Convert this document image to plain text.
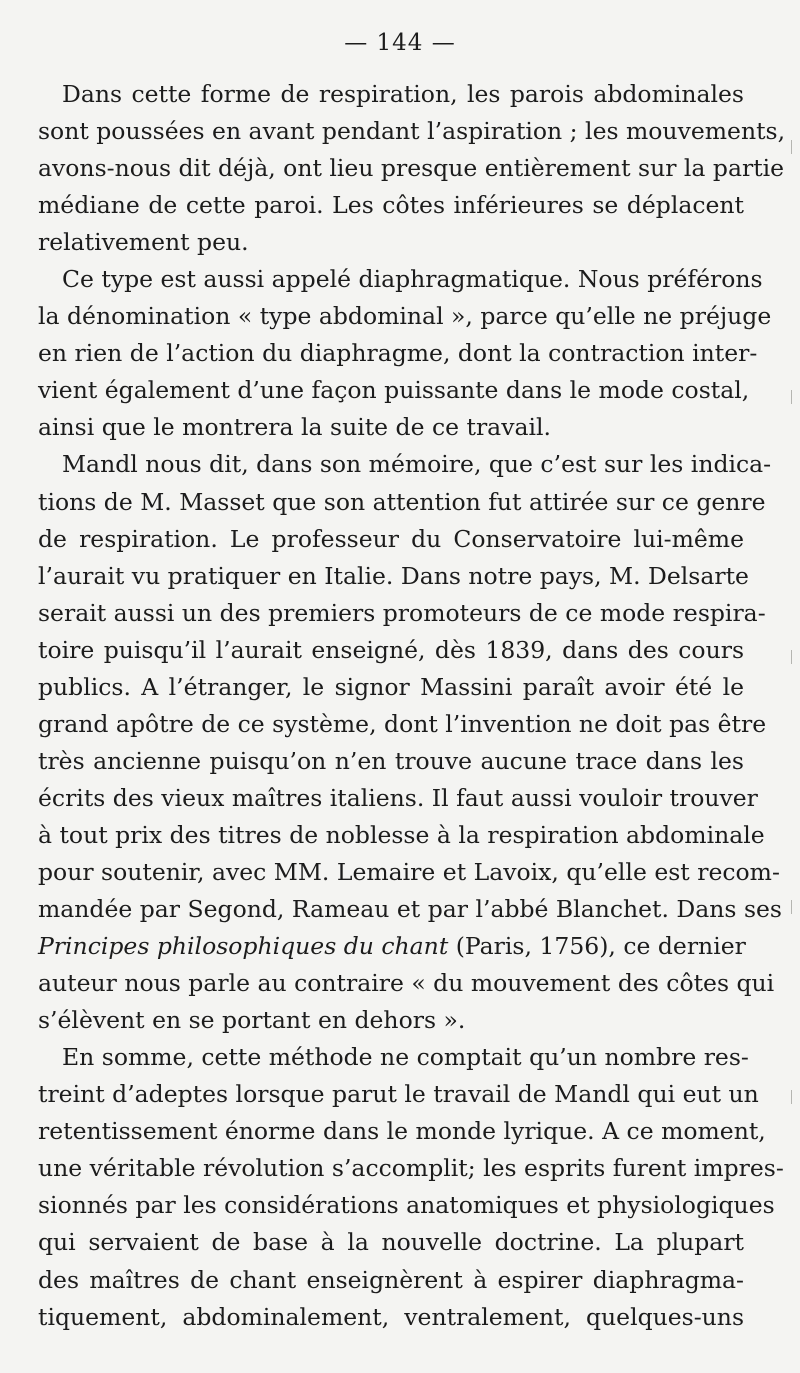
— 144 —
Dans cette forme de respiration, les parois abdominales
sont poussées en avant pendant l’aspiration ; les mouvements,
avons-nous dit déjà, ont lieu presque entièrement sur la partie
médiane de cette paroi. Les côtes inférieures se déplacent
relativement peu.
Ce type est aussi appelé diaphragmatique. Nous préférons
la dénomination « type abdominal », parce qu’elle ne préjuge
en rien de l’action du diaphragme, dont la contraction inter-
vient également d’une façon puissante dans le mode costal,
ainsi que le montrera la suite de ce travail.
Mandl nous dit, dans son mémoire, que c’est sur les indica-
tions de M. Masset que son attention fut attirée sur ce genre
de respiration. Le professeur du Conservatoire lui-même
l’aurait vu pratiquer en Italie. Dans notre pays, M. Delsarte
serait aussi un des premiers promoteurs de ce mode respira-
toire puisqu’il l’aurait enseigné, dès 1839, dans des cours
publics. A l’étranger, le signor Massini paraît avoir été le
grand apôtre de ce système, dont l’invention ne doit pas être
très ancienne puisqu’on n’en trouve aucune trace dans les
écrits des vieux maîtres italiens. Il faut aussi vouloir trouver
à tout prix des titres de noblesse à la respiration abdominale
pour soutenir, avec MM. Lemaire et Lavoix, qu’elle est recom-
mandée par Segond, Rameau et par l’abbé Blanchet. Dans ses
Principes philosophiques du chant (Paris, 1756), ce dernier
auteur nous parle au contraire « du mouvement des côtes qui
s’élèvent en se portant en dehors ».
En somme, cette méthode ne comptait qu’un nombre res-
treint d’adeptes lorsque parut le travail de Mandl qui eut un
retentissement énorme dans le monde lyrique. A ce moment,
une véritable révolution s’accomplit; les esprits furent impres-
sionnés par les considérations anatomiques et physiologiques
qui servaient de base à la nouvelle doctrine. La plupart
des maîtres de chant enseignèrent à espirer diaphragma-
tiquement, abdominalement, ventralement, quelques-uns
